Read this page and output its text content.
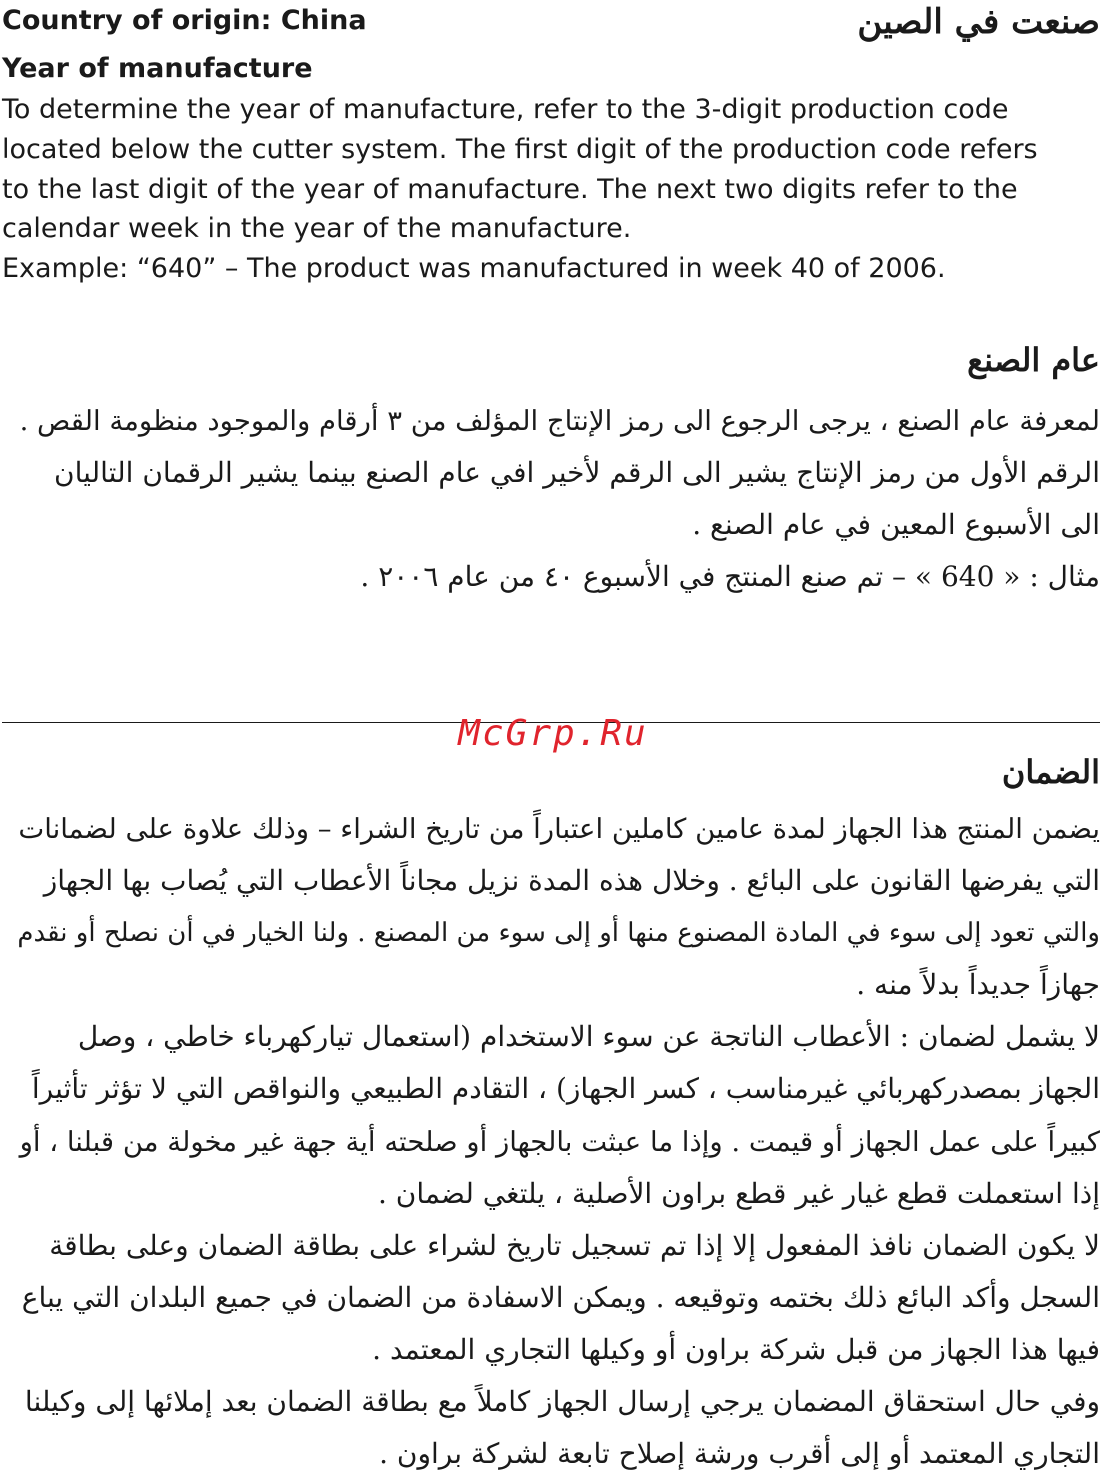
Country of origin: China	صنعت في الصين
Year of manufacture

To determine the year of manufacture, refer to the 3-digit production code

located below the cutter system. The first digit of the production code refers

to the last digit of the year of manufacture. The next two digits refer to the

calendar week in the year of the manufacture.

Example: “640” – The product was manufactured in week 40 of 2006.

عام الصنع

لمعرفة عام الصنع ، يرجى الرجوع الى رمز الإنتاج المؤلف من ٣ أرقام والموجود منظومة القص .

الرقم الأول من رمز الإنتاج يشير الى الرقم لأخير افي عام الصنع بينما يشير الرقمان التاليان

الى الأسبوع المعين في عام الصنع .

مثال : « 640 » – تم صنع المنتج في الأسبوع ٤٠ من عام ٢٠٠٦ .

McGrp.Ru
الضمان

يضمن المنتج هذا الجهاز لمدة عامين كاملين اعتباراً من تاريخ الشراء – وذلك علاوة على لضمانات

التي يفرضها القانون على البائع . وخلال هذه المدة نزيل مجاناً الأعطاب التي يُصاب بها الجهاز

والتي تعود إلى سوء في المادة المصنوع منها أو إلى سوء من المصنع . ولنا الخيار في أن نصلح أو نقدم

جهازاً جديداً بدلاً منه .

لا يشمل لضمان : الأعطاب الناتجة عن سوء الاستخدام (استعمال تياركهرباء خاطي ، وصل

الجهاز بمصدركهربائي غيرمناسب ، كسر الجهاز) ، التقادم الطبيعي والنواقص التي لا تؤثر تأثيراً

كبيراً على عمل الجهاز أو قيمت . وإذا ما عبثت بالجهاز أو صلحته أية جهة غير مخولة من قبلنا ، أو

إذا استعملت قطع غيار غير قطع براون الأصلية ، يلتغي لضمان .

لا يكون الضمان نافذ المفعول إلا إذا تم تسجيل تاريخ لشراء على بطاقة الضمان وعلى بطاقة

السجل وأكد البائع ذلك بختمه وتوقيعه . ويمكن الاسفادة من الضمان في جميع البلدان التي يباع

فيها هذا الجهاز من قبل شركة براون أو وكيلها التجاري المعتمد .

وفي حال استحقاق المضمان يرجي إرسال الجهاز كاملاً مع بطاقة الضمان بعد إملائها إلى وكيلنا

التجاري المعتمد أو إلى أقرب ورشة إصلاح تابعة لشركة براون .
